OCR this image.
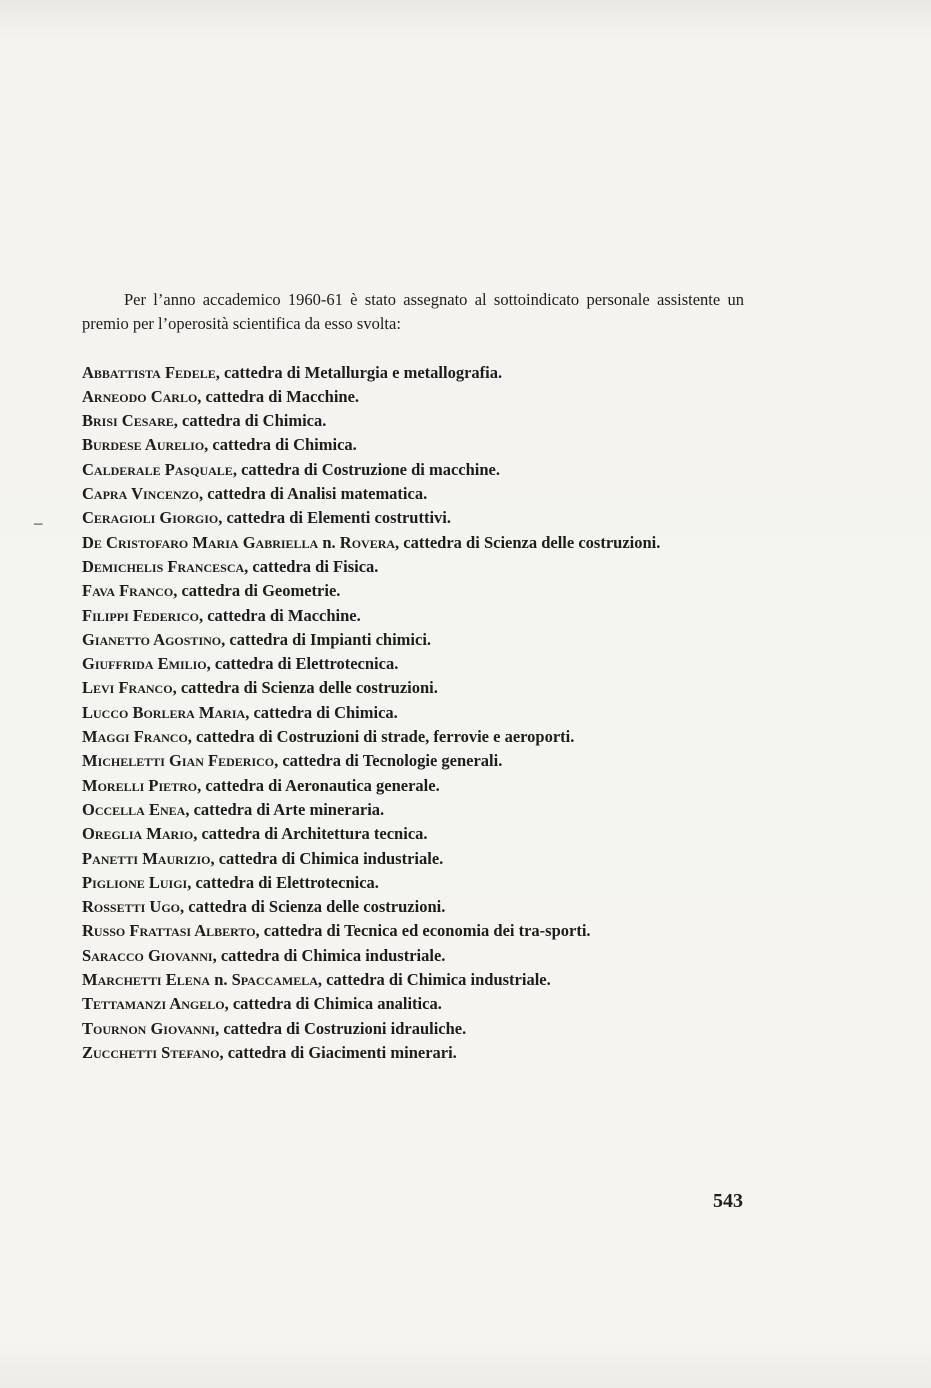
–

Per l’anno accademico 1960-61 è stato assegnato al sottoindicato personale assistente un premio per l’operosità scientifica da esso svolta:

Abbattista Fedele, cattedra di Metallurgia e metallografia.

Arneodo Carlo, cattedra di Macchine.

Brisi Cesare, cattedra di Chimica.

Burdese Aurelio, cattedra di Chimica.

Calderale Pasquale, cattedra di Costruzione di macchine.

Capra Vincenzo, cattedra di Analisi matematica.

Ceragioli Giorgio, cattedra di Elementi costruttivi.

De Cristofaro Maria Gabriella n. Rovera, cattedra di Scienza delle costruzioni.

Demichelis Francesca, cattedra di Fisica.

Fava Franco, cattedra di Geometrie.

Filippi Federico, cattedra di Macchine.

Gianetto Agostino, cattedra di Impianti chimici.

Giuffrida Emilio, cattedra di Elettrotecnica.

Levi Franco, cattedra di Scienza delle costruzioni.

Lucco Borlera Maria, cattedra di Chimica.

Maggi Franco, cattedra di Costruzioni di strade, ferrovie e aeroporti.

Micheletti Gian Federico, cattedra di Tecnologie generali.

Morelli Pietro, cattedra di Aeronautica generale.

Occella Enea, cattedra di Arte mineraria.

Oreglia Mario, cattedra di Architettura tecnica.

Panetti Maurizio, cattedra di Chimica industriale.

Piglione Luigi, cattedra di Elettrotecnica.

Rossetti Ugo, cattedra di Scienza delle costruzioni.

Russo Frattasi Alberto, cattedra di Tecnica ed economia dei tra-sporti.

Saracco Giovanni, cattedra di Chimica industriale.

Marchetti Elena n. Spaccamela, cattedra di Chimica industriale.

Tettamanzi Angelo, cattedra di Chimica analitica.

Tournon Giovanni, cattedra di Costruzioni idrauliche.

Zucchetti Stefano, cattedra di Giacimenti minerari.

543
